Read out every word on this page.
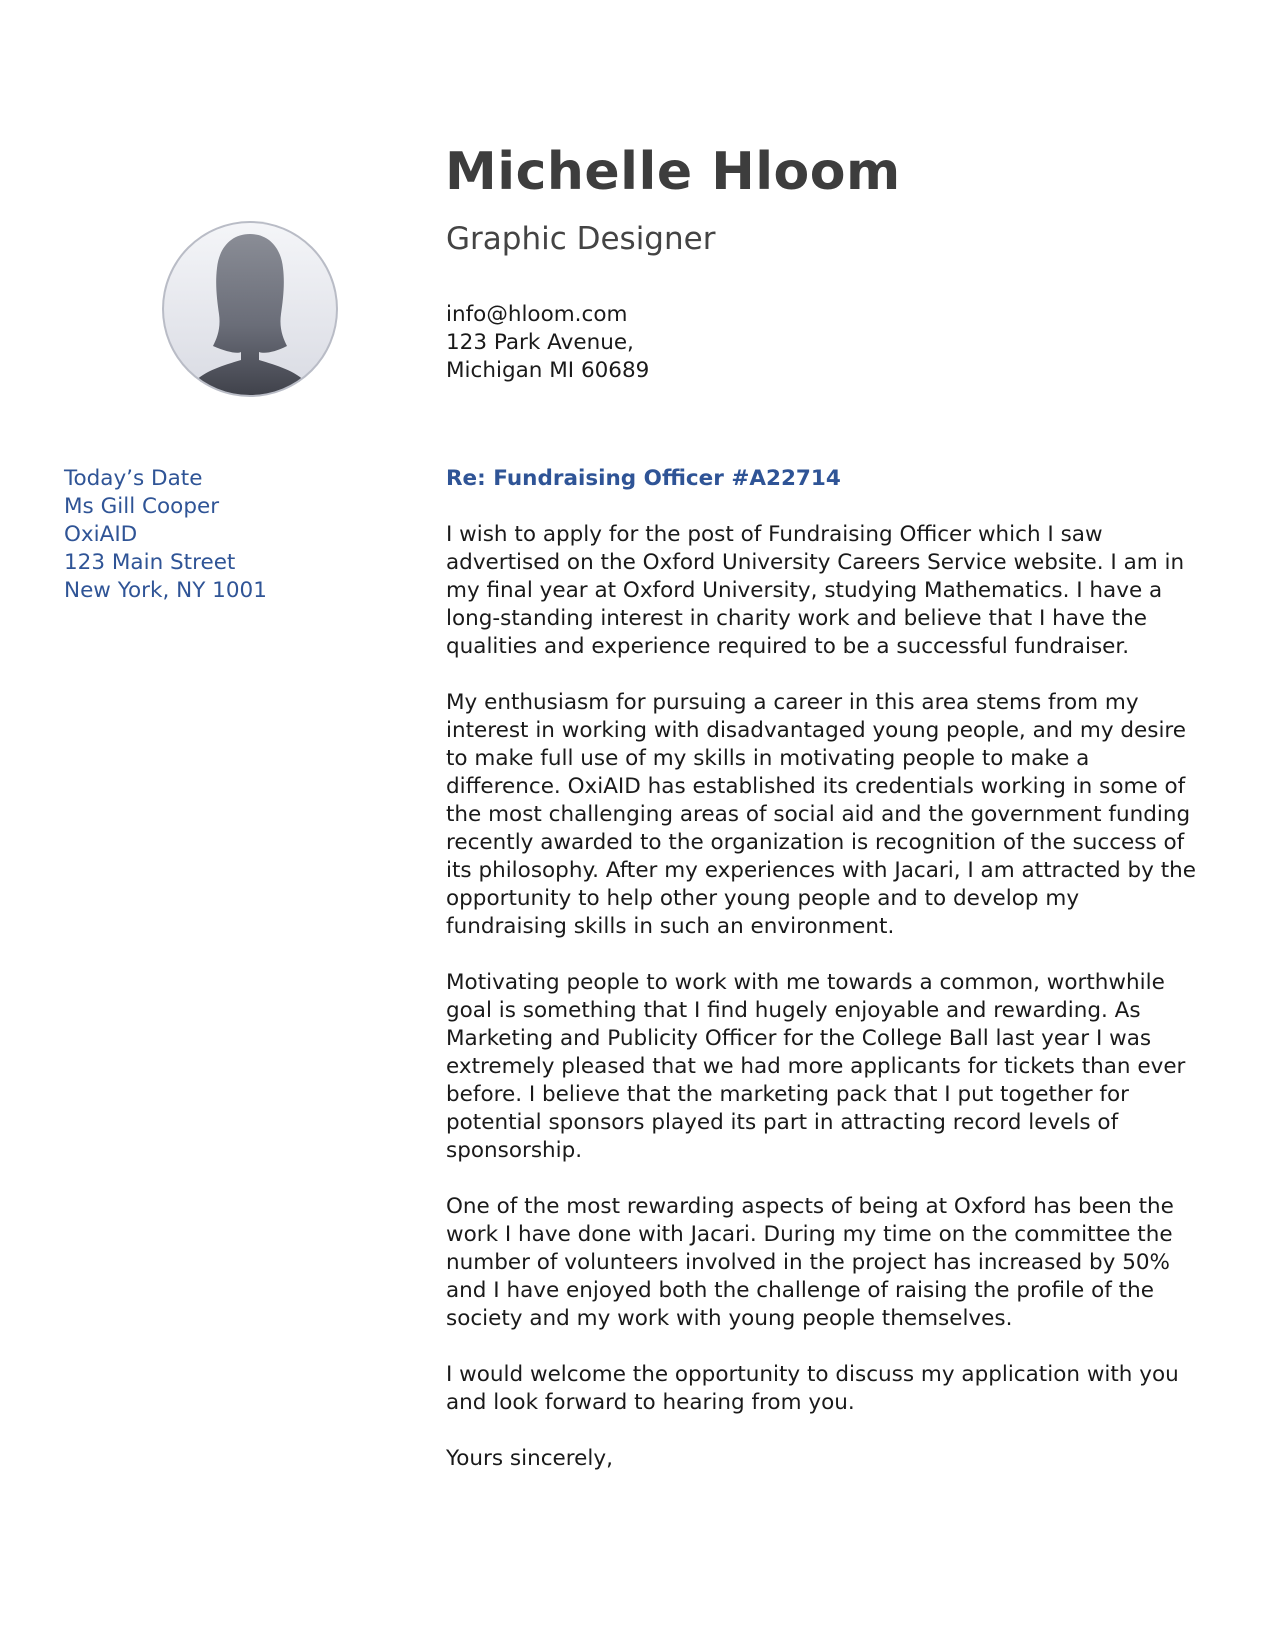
Michelle Hloom
Graphic Designer
info@hloom.com
123 Park Avenue,
Michigan MI 60689
Today’s Date
Ms Gill Cooper
OxiAID
123 Main Street
New York, NY 1001

Re: Fundraising Officer #A22714

I wish to apply for the post of Fundraising Officer which I saw advertised on the Oxford University Careers Service website. I am in my final year at Oxford University, studying Mathematics. I have a long-standing interest in charity work and believe that I have the qualities and experience required to be a successful fundraiser.

My enthusiasm for pursuing a career in this area stems from my interest in working with disadvantaged young people, and my desire to make full use of my skills in motivating people to make a difference. OxiAID has established its credentials working in some of the most challenging areas of social aid and the government funding recently awarded to the organization is recognition of the success of its philosophy. After my experiences with Jacari, I am attracted by the opportunity to help other young people and to develop my fundraising skills in such an environment.

Motivating people to work with me towards a common, worthwhile goal is something that I find hugely enjoyable and rewarding. As Marketing and Publicity Officer for the College Ball last year I was extremely pleased that we had more applicants for tickets than ever before. I believe that the marketing pack that I put together for potential sponsors played its part in attracting record levels of sponsorship.

One of the most rewarding aspects of being at Oxford has been the work I have done with Jacari. During my time on the committee the number of volunteers involved in the project has increased by 50% and I have enjoyed both the challenge of raising the profile of the society and my work with young people themselves.

I would welcome the opportunity to discuss my application with you and look forward to hearing from you.

Yours sincerely,
